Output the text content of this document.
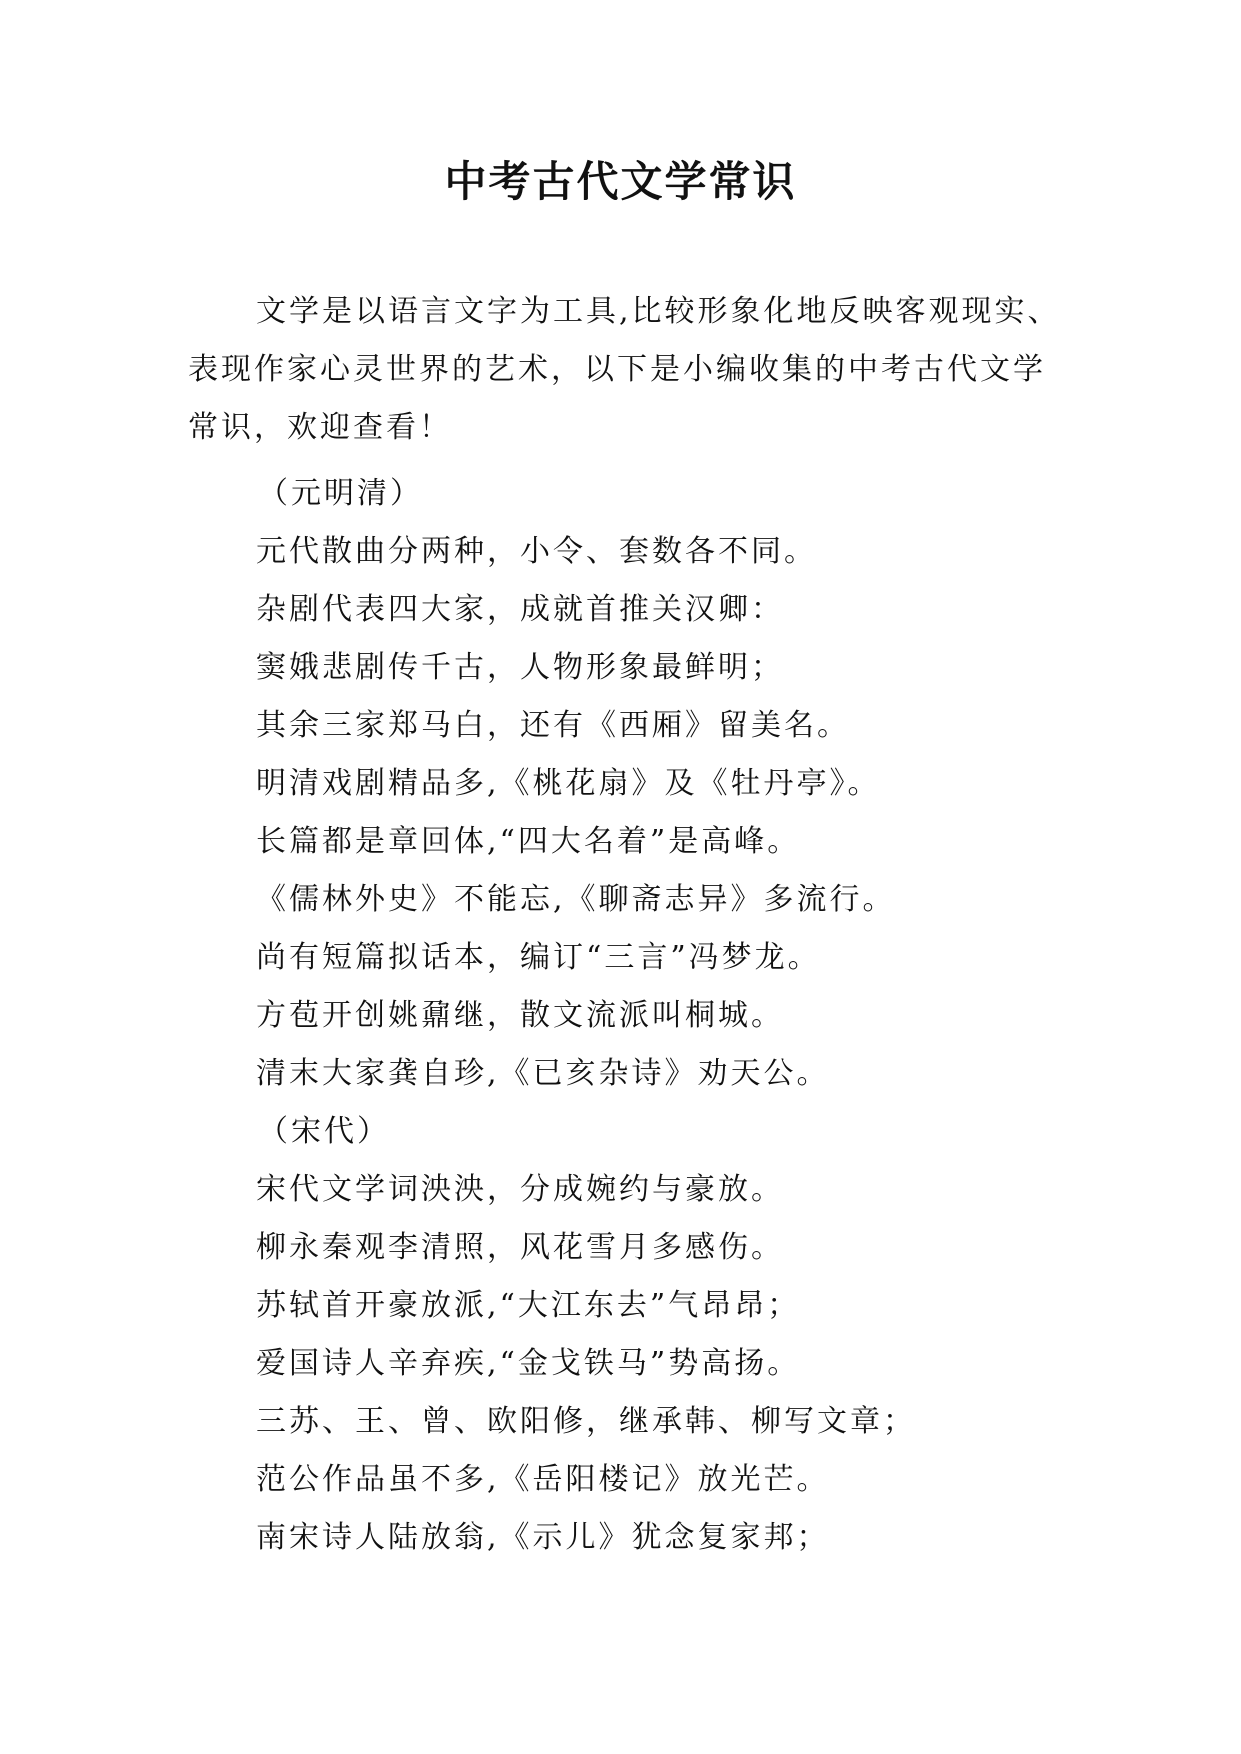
中考古代文学常识

文学是以语言文字为工具,比较形象化地反映客观现实、表现作家心灵世界的艺术，以下是小编收集的中考古代文学常识，欢迎查看！

（元明清）
元代散曲分两种，小令、套数各不同。
杂剧代表四大家，成就首推关汉卿：
窦娥悲剧传千古，人物形象最鲜明；
其余三家郑马白，还有《西厢》留美名。
明清戏剧精品多,《桃花扇》及《牡丹亭》。
长篇都是章回体,“四大名着”是高峰。
《儒林外史》不能忘,《聊斋志异》多流行。
尚有短篇拟话本，编订“三言”冯梦龙。
方苞开创姚鼐继，散文流派叫桐城。
清末大家龚自珍,《已亥杂诗》劝天公。
（宋代）
宋代文学词泱泱，分成婉约与豪放。
柳永秦观李清照，风花雪月多感伤。
苏轼首开豪放派,“大江东去”气昂昂；
爱国诗人辛弃疾,“金戈铁马”势高扬。
三苏、王、曾、欧阳修，继承韩、柳写文章；
范公作品虽不多,《岳阳楼记》放光芒。
南宋诗人陆放翁,《示儿》犹念复家邦；
